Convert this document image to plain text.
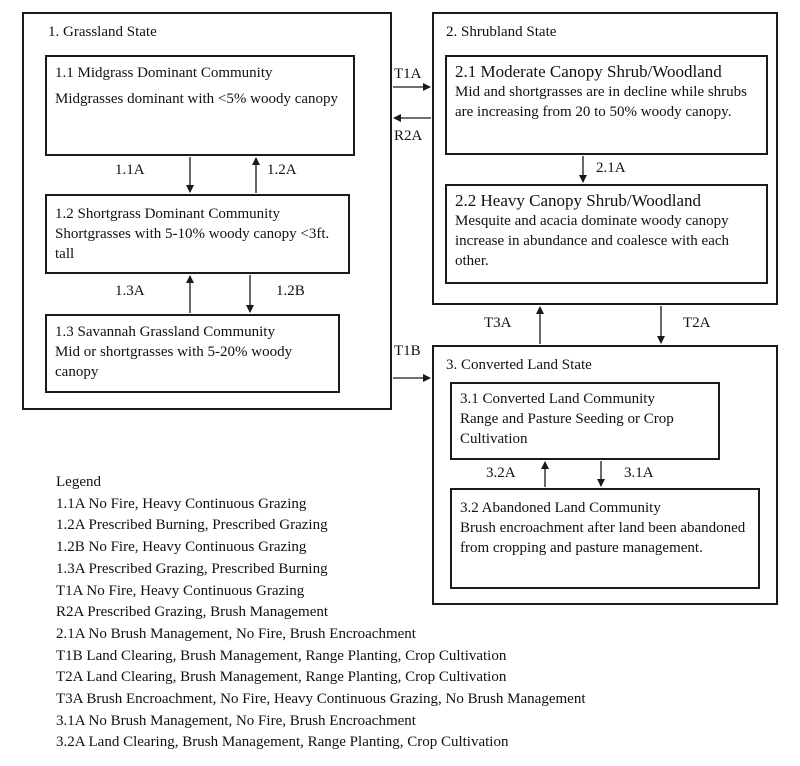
1. Grassland State
1.1 Midgrass Dominant Community
Midgrasses dominant with <5% woody canopy
1.2 Shortgrass Dominant Community
Shortgrasses with 5-10% woody canopy <3ft. tall
1.3 Savannah Grassland Community
Mid or shortgrasses with 5-20% woody canopy
2. Shrubland State
2.1 Moderate Canopy Shrub/Woodland
Mid and shortgrasses are in decline while shrubs are increasing from 20 to 50% woody canopy.
2.2 Heavy Canopy Shrub/Woodland
Mesquite and acacia dominate woody canopy increase in abundance and coalesce with each other.
3. Converted Land State
3.1 Converted Land Community
Range and Pasture Seeding or Crop Cultivation
3.2 Abandoned Land Community
Brush encroachment after land been abandoned from cropping and pasture management.
1.1A	1.2A
1.3A	1.2B
T1A
R2A
T1B
2.1A
T3A	T2A
3.2A	3.1A
Legend
1.1A No Fire, Heavy Continuous Grazing
1.2A Prescribed Burning, Prescribed Grazing
1.2B No Fire, Heavy Continuous Grazing
1.3A Prescribed Grazing, Prescribed Burning
T1A No Fire, Heavy Continuous Grazing
R2A Prescribed Grazing, Brush Management
2.1A No Brush Management, No Fire, Brush Encroachment
T1B Land Clearing, Brush Management, Range Planting, Crop Cultivation
T2A Land Clearing, Brush Management, Range Planting, Crop Cultivation
T3A Brush Encroachment, No Fire, Heavy Continuous Grazing, No Brush Management
3.1A No Brush Management, No Fire, Brush Encroachment
3.2A Land Clearing, Brush Management, Range Planting, Crop Cultivation
